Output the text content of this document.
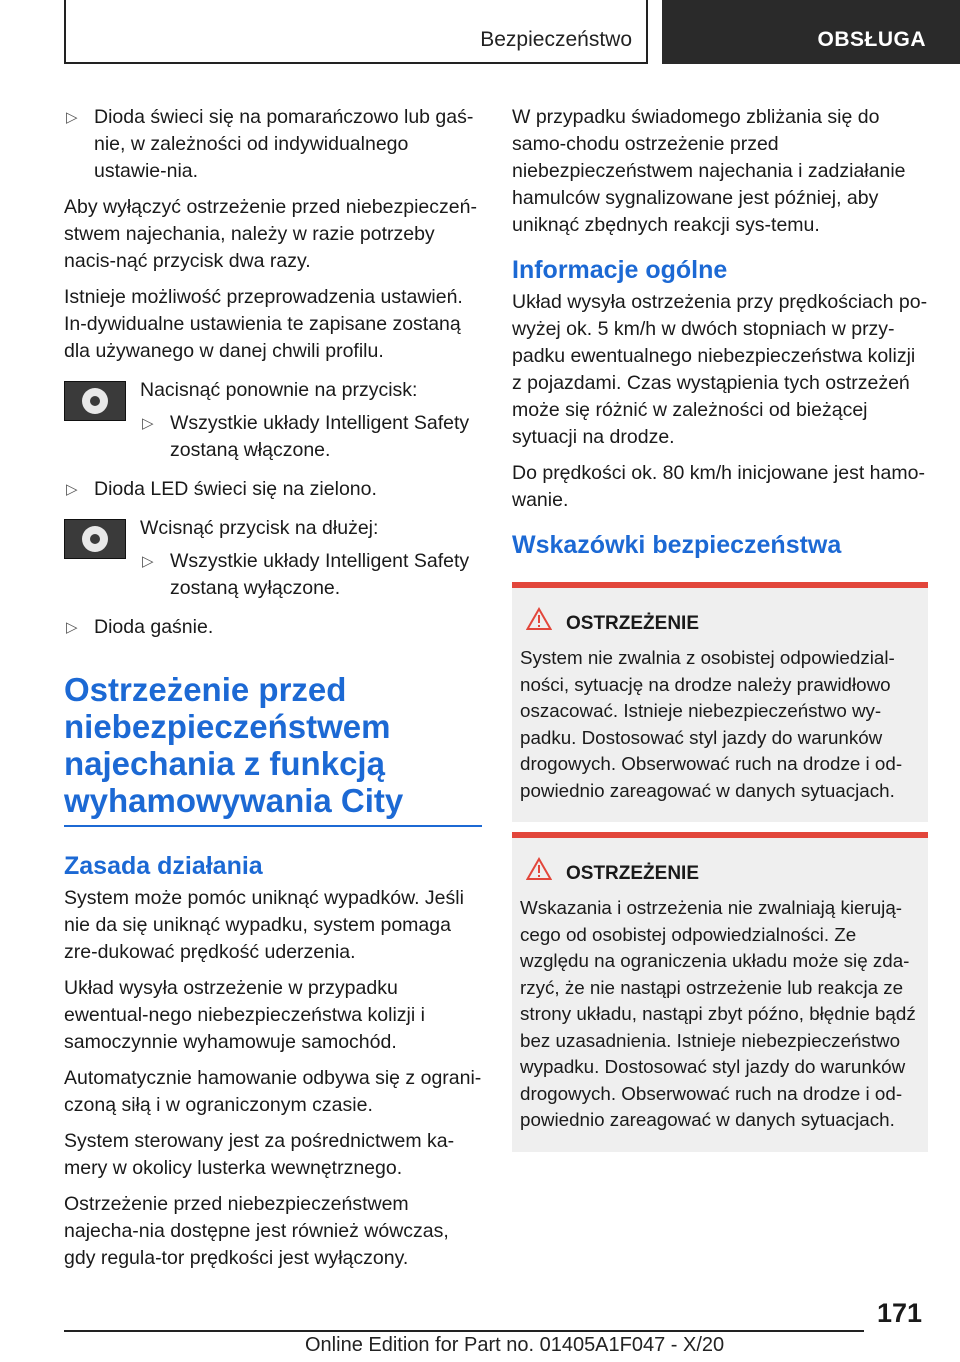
Bezpieczeństwo	OBSŁUGA
▷ Dioda świeci się na pomarańczowo lub gaś-nie, w zależności od indywidualnego ustawie-nia.

Aby wyłączyć ostrzeżenie przed niebezpieczeń-stwem najechania, należy w razie potrzeby nacis-nąć przycisk dwa razy.

Istnieje możliwość przeprowadzenia ustawień. In-dywidualne ustawienia te zapisane zostaną dla używanego w danej chwili profilu.

Nacisnąć ponownie na przycisk:
▷ Wszystkie układy Intelligent Safety zostaną włączone.
▷ Dioda LED świeci się na zielono.
Wcisnąć przycisk na dłużej:
▷ Wszystkie układy Intelligent Safety zostaną wyłączone.
▷ Dioda gaśnie.
Ostrzeżenie przed niebezpieczeństwem najechania z funkcją wyhamowywania City
Zasada działania

System może pomóc uniknąć wypadków. Jeśli nie da się uniknąć wypadku, system pomaga zre-dukować prędkość uderzenia.

Układ wysyła ostrzeżenie w przypadku ewentual-nego niebezpieczeństwa kolizji i samoczynnie wyhamowuje samochód.

Automatycznie hamowanie odbywa się z ograni-czoną siłą i w ograniczonym czasie.

System sterowany jest za pośrednictwem ka-mery w okolicy lusterka wewnętrznego.

Ostrzeżenie przed niebezpieczeństwem najecha-nia dostępne jest również wówczas, gdy regula-tor prędkości jest wyłączony.

W przypadku świadomego zbliżania się do samo-chodu ostrzeżenie przed niebezpieczeństwem najechania i zadziałanie hamulców sygnalizowane jest później, aby uniknąć zbędnych reakcji sys-temu.

Informacje ogólne

Układ wysyła ostrzeżenia przy prędkościach po-wyżej ok. 5 km/h w dwóch stopniach w przy-padku ewentualnego niebezpieczeństwa kolizji z pojazdami. Czas wystąpienia tych ostrzeżeń może się różnić w zależności od bieżącej sytuacji na drodze.

Do prędkości ok. 80 km/h inicjowane jest hamo-wanie.

Wskazówki bezpieczeństwa
OSTRZEŻENIE

System nie zwalnia z osobistej odpowiedzial-ności, sytuację na drodze należy prawidłowo oszacować. Istnieje niebezpieczeństwo wy-padku. Dostosować styl jazdy do warunków drogowych. Obserwować ruch na drodze i od-powiednio zareagować w danych sytuacjach.

OSTRZEŻENIE

Wskazania i ostrzeżenia nie zwalniają kierują-cego od osobistej odpowiedzialności. Ze względu na ograniczenia układu może się zda-rzyć, że nie nastąpi ostrzeżenie lub reakcja ze strony układu, nastąpi zbyt późno, błędnie bądź bez uzasadnienia. Istnieje niebezpieczeństwo wypadku. Dostosować styl jazdy do warunków drogowych. Obserwować ruch na drodze i od-powiednio zareagować w danych sytuacjach.

171
Online Edition for Part no. 01405A1F047 - X/20
